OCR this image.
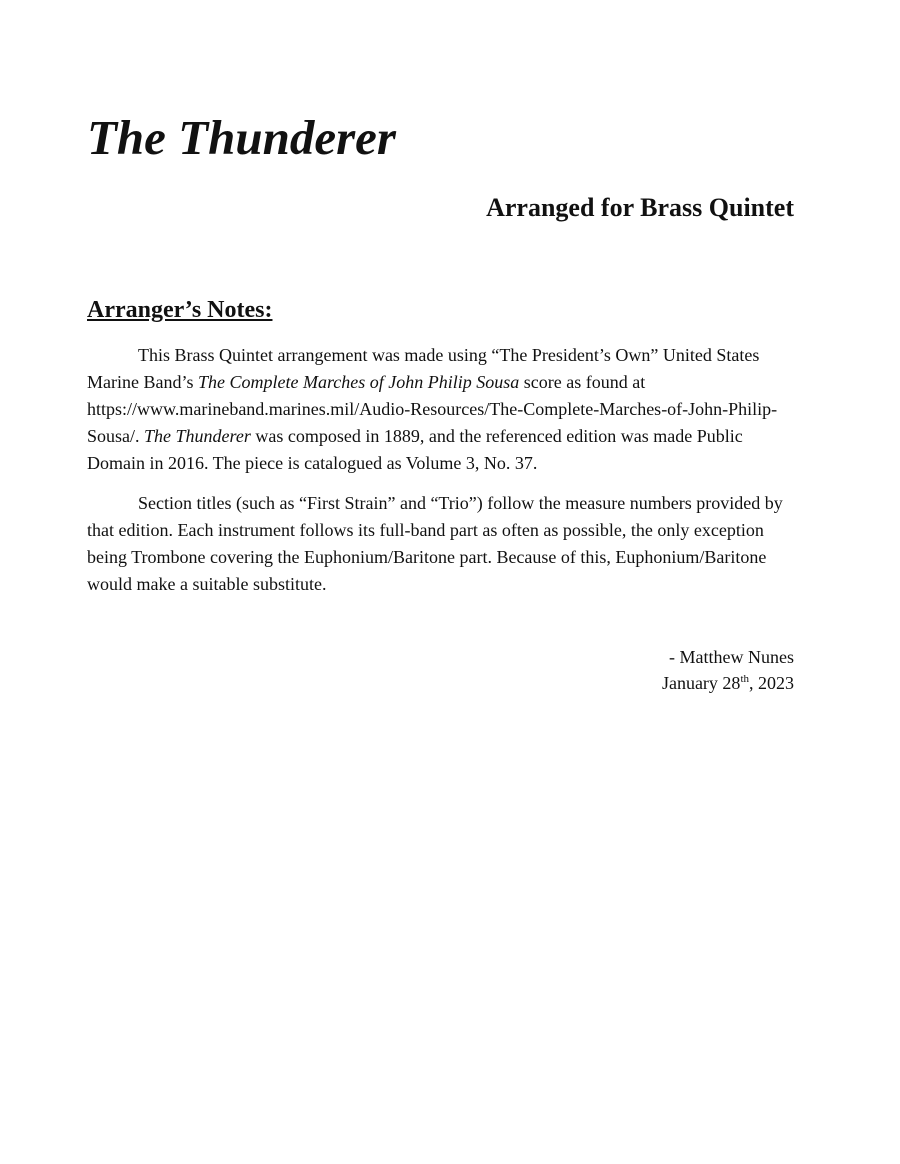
The Thunderer
Arranged for Brass Quintet
Arranger’s Notes:

This Brass Quintet arrangement was made using “The President’s Own” United States Marine Band’s The Complete Marches of John Philip Sousa score as found at https://www.marineband.marines.mil/Audio-Resources/The-Complete-Marches-of-John-Philip-Sousa/. The Thunderer was composed in 1889, and the referenced edition was made Public Domain in 2016. The piece is catalogued as Volume 3, No. 37.

Section titles (such as “First Strain” and “Trio”) follow the measure numbers provided by that edition. Each instrument follows its full-band part as often as possible, the only exception being Trombone covering the Euphonium/Baritone part. Because of this, Euphonium/Baritone would make a suitable substitute.

- Matthew Nunes
January 28th, 2023
